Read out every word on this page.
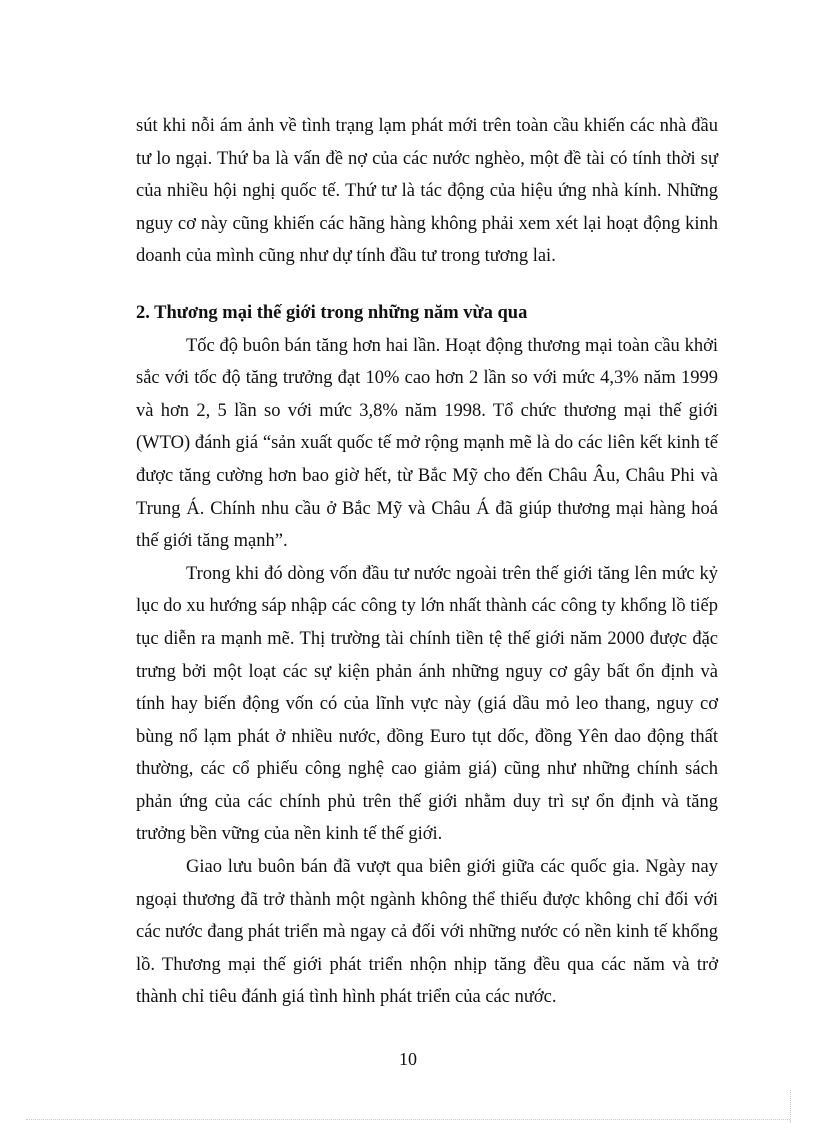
sút khi nỗi ám ảnh về tình trạng lạm phát mới trên toàn cầu khiến các nhà đầu tư lo ngại. Thứ ba là vấn đề nợ của các nước nghèo, một đề tài có tính thời sự của nhiều hội nghị quốc tế. Thứ tư là tác động của hiệu ứng nhà kính. Những nguy cơ này cũng khiến các hãng hàng không phải xem xét lại hoạt động kinh doanh của mình cũng như dự tính đầu tư trong tương lai.

2. Thương mại thế giới trong những năm vừa qua

Tốc độ buôn bán tăng hơn hai lần. Hoạt động thương mại toàn cầu khởi sắc với tốc độ tăng trưởng đạt 10% cao hơn 2 lần so với mức 4,3% năm 1999 và hơn 2, 5 lần so với mức 3,8% năm 1998. Tổ chức thương mại thế giới (WTO) đánh giá “sản xuất quốc tế mở rộng mạnh mẽ là do các liên kết kinh tế được tăng cường hơn bao giờ hết, từ Bắc Mỹ cho đến Châu Âu, Châu Phi và Trung Á. Chính nhu cầu ở Bắc Mỹ và Châu Á đã giúp thương mại hàng hoá thế giới tăng mạnh”.

Trong khi đó dòng vốn đầu tư nước ngoài trên thế giới tăng lên mức kỷ lục do xu hướng sáp nhập các công ty lớn nhất thành các công ty khổng lồ tiếp tục diễn ra mạnh mẽ. Thị trường tài chính tiền tệ thế giới năm 2000 được đặc trưng bởi một loạt các sự kiện phản ánh những nguy cơ gây bất ổn định và tính hay biến động vốn có của lĩnh vực này (giá dầu mỏ leo thang, nguy cơ bùng nổ lạm phát ở nhiều nước, đồng Euro tụt dốc, đồng Yên dao động thất thường, các cổ phiếu công nghệ cao giảm giá) cũng như những chính sách phản ứng của các chính phủ trên thế giới nhằm duy trì sự ổn định và tăng trưởng bền vững của nền kinh tế thế giới.

Giao lưu buôn bán đã vượt qua biên giới giữa các quốc gia. Ngày nay ngoại thương đã trở thành một ngành không thể thiếu được không chỉ đối với các nước đang phát triển mà ngay cả đối với những nước có nền kinh tế khổng lồ. Thương mại thế giới phát triển nhộn nhịp tăng đều qua các năm và trở thành chỉ tiêu đánh giá tình hình phát triển của các nước.

10
